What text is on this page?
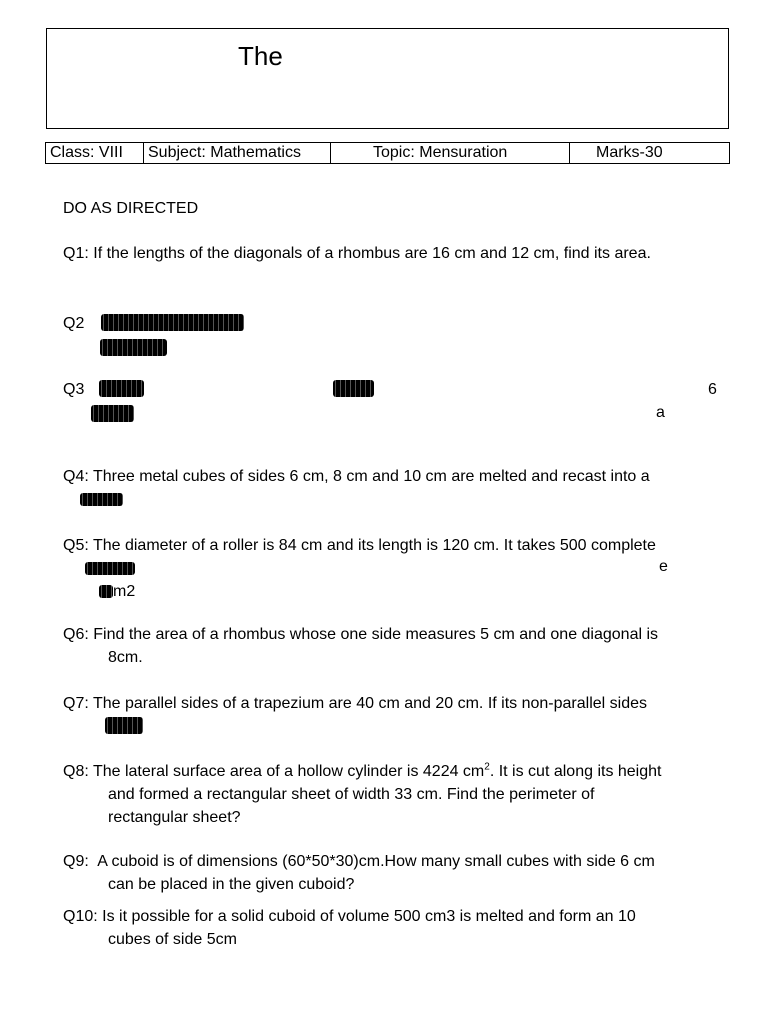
The
Class: VIII	Subject: Mathematics	Topic: Mensuration	Marks-30
DO AS DIRECTED
Q1: If the lengths of the diagonals of a rhombus are 16 cm and 12 cm, find its area.
Q2
Q3	6
a
Q4: Three metal cubes of sides 6 cm, 8 cm and 10 cm are melted and recast into a
Q5: The diameter of a roller is 84 cm and its length is 120 cm. It takes 500 complete
m2
e
Q6: Find the area of a rhombus whose one side measures 5 cm and one diagonal is
8cm.
Q7: The parallel sides of a trapezium are 40 cm and 20 cm. If its non-parallel sides
Q8: The lateral surface area of a hollow cylinder is 4224 $cm^2$. It is cut along its height
and formed a rectangular sheet of width 33 cm. Find the perimeter of
rectangular sheet?
Q9: A cuboid is of dimensions (60*50*30)cm.How many small cubes with side 6 cm
can be placed in the given cuboid?
Q10: Is it possible for a solid cuboid of volume 500 cm3 is melted and form an 10
cubes of side 5cm
